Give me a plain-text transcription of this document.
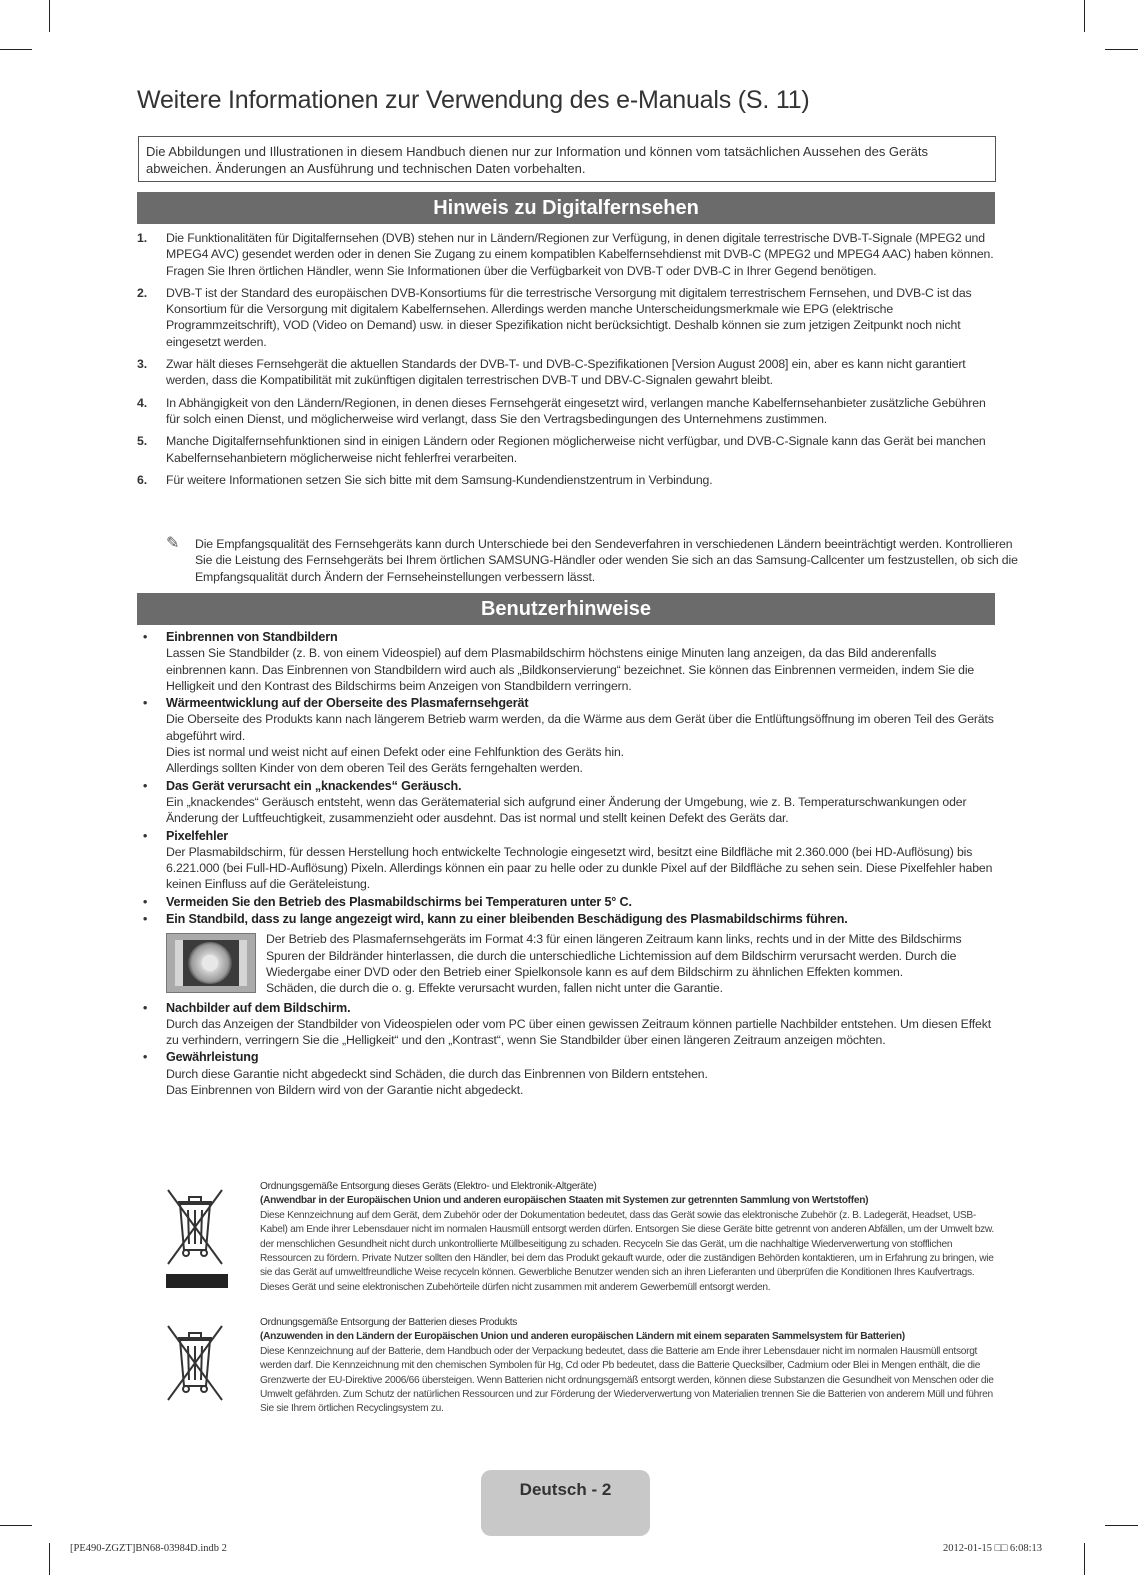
Weitere Informationen zur Verwendung des e-Manuals (S. 11)
Die Abbildungen und Illustrationen in diesem Handbuch dienen nur zur Information und können vom tatsächlichen Aussehen des Geräts abweichen. Änderungen an Ausführung und technischen Daten vorbehalten.
Hinweis zu Digitalfernsehen
1. Die Funktionalitäten für Digitalfernsehen (DVB) stehen nur in Ländern/Regionen zur Verfügung, in denen digitale terrestrische DVB-T-Signale (MPEG2 und MPEG4 AVC) gesendet werden oder in denen Sie Zugang zu einem kompatiblen Kabelfernsehdienst mit DVB-C (MPEG2 und MPEG4 AAC) haben können. Fragen Sie Ihren örtlichen Händler, wenn Sie Informationen über die Verfügbarkeit von DVB-T oder DVB-C in Ihrer Gegend benötigen.
2. DVB-T ist der Standard des europäischen DVB-Konsortiums für die terrestrische Versorgung mit digitalem terrestrischem Fernsehen, und DVB-C ist das Konsortium für die Versorgung mit digitalem Kabelfernsehen. Allerdings werden manche Unterscheidungsmerkmale wie EPG (elektrische Programmzeitschrift), VOD (Video on Demand) usw. in dieser Spezifikation nicht berücksichtigt. Deshalb können sie zum jetzigen Zeitpunkt noch nicht eingesetzt werden.
3. Zwar hält dieses Fernsehgerät die aktuellen Standards der DVB-T- und DVB-C-Spezifikationen [Version August 2008] ein, aber es kann nicht garantiert werden, dass die Kompatibilität mit zukünftigen digitalen terrestrischen DVB-T und DBV-C-Signalen gewahrt bleibt.
4. In Abhängigkeit von den Ländern/Regionen, in denen dieses Fernsehgerät eingesetzt wird, verlangen manche Kabelfernsehanbieter zusätzliche Gebühren für solch einen Dienst, und möglicherweise wird verlangt, dass Sie den Vertragsbedingungen des Unternehmens zustimmen.
5. Manche Digitalfernsehfunktionen sind in einigen Ländern oder Regionen möglicherweise nicht verfügbar, und DVB-C-Signale kann das Gerät bei manchen Kabelfernsehanbietern möglicherweise nicht fehlerfrei verarbeiten.
6. Für weitere Informationen setzen Sie sich bitte mit dem Samsung-Kundendienstzentrum in Verbindung.
✎ Die Empfangsqualität des Fernsehgeräts kann durch Unterschiede bei den Sendeverfahren in verschiedenen Ländern beeinträchtigt werden. Kontrollieren Sie die Leistung des Fernsehgeräts bei Ihrem örtlichen SAMSUNG-Händler oder wenden Sie sich an das Samsung-Callcenter um festzustellen, ob sich die Empfangsqualität durch Ändern der Fernseheinstellungen verbessern lässt.
Benutzerhinweise
• Einbrennen von Standbildern
Lassen Sie Standbilder (z. B. von einem Videospiel) auf dem Plasmabildschirm höchstens einige Minuten lang anzeigen, da das Bild anderenfalls einbrennen kann. Das Einbrennen von Standbildern wird auch als „Bildkonservierung“ bezeichnet. Sie können das Einbrennen vermeiden, indem Sie die Helligkeit und den Kontrast des Bildschirms beim Anzeigen von Standbildern verringern.
• Wärmeentwicklung auf der Oberseite des Plasmafernsehgerät
Die Oberseite des Produkts kann nach längerem Betrieb warm werden, da die Wärme aus dem Gerät über die Entlüftungsöffnung im oberen Teil des Geräts abgeführt wird.
Dies ist normal und weist nicht auf einen Defekt oder eine Fehlfunktion des Geräts hin.
Allerdings sollten Kinder von dem oberen Teil des Geräts ferngehalten werden.
• Das Gerät verursacht ein „knackendes“ Geräusch.
Ein „knackendes“ Geräusch entsteht, wenn das Gerätematerial sich aufgrund einer Änderung der Umgebung, wie z. B. Temperaturschwankungen oder Änderung der Luftfeuchtigkeit, zusammenzieht oder ausdehnt. Das ist normal und stellt keinen Defekt des Geräts dar.
• Pixelfehler
Der Plasmabildschirm, für dessen Herstellung hoch entwickelte Technologie eingesetzt wird, besitzt eine Bildfläche mit 2.360.000 (bei HD-Auflösung) bis 6.221.000 (bei Full-HD-Auflösung) Pixeln. Allerdings können ein paar zu helle oder zu dunkle Pixel auf der Bildfläche zu sehen sein. Diese Pixelfehler haben keinen Einfluss auf die Geräteleistung.
• Vermeiden Sie den Betrieb des Plasmabildschirms bei Temperaturen unter 5° C.
• Ein Standbild, dass zu lange angezeigt wird, kann zu einer bleibenden Beschädigung des Plasmabildschirms führen.
Der Betrieb des Plasmafernsehgeräts im Format 4:3 für einen längeren Zeitraum kann links, rechts und in der Mitte des Bildschirms Spuren der Bildränder hinterlassen, die durch die unterschiedliche Lichtemission auf dem Bildschirm verursacht werden. Durch die Wiedergabe einer DVD oder den Betrieb einer Spielkonsole kann es auf dem Bildschirm zu ähnlichen Effekten kommen.
Schäden, die durch die o. g. Effekte verursacht wurden, fallen nicht unter die Garantie.
• Nachbilder auf dem Bildschirm.
Durch das Anzeigen der Standbilder von Videospielen oder vom PC über einen gewissen Zeitraum können partielle Nachbilder entstehen. Um diesen Effekt zu verhindern, verringern Sie die „Helligkeit“ und den „Kontrast“, wenn Sie Standbilder über einen längeren Zeitraum anzeigen möchten.
• Gewährleistung
Durch diese Garantie nicht abgedeckt sind Schäden, die durch das Einbrennen von Bildern entstehen.
Das Einbrennen von Bildern wird von der Garantie nicht abgedeckt.
Ordnungsgemäße Entsorgung dieses Geräts (Elektro- und Elektronik-Altgeräte)
(Anwendbar in der Europäischen Union und anderen europäischen Staaten mit Systemen zur getrennten Sammlung von Wertstoffen)
Diese Kennzeichnung auf dem Gerät, dem Zubehör oder der Dokumentation bedeutet, dass das Gerät sowie das elektronische Zubehör (z. B. Ladegerät, Headset, USB-Kabel) am Ende ihrer Lebensdauer nicht im normalen Hausmüll entsorgt werden dürfen. Entsorgen Sie diese Geräte bitte getrennt von anderen Abfällen, um der Umwelt bzw. der menschlichen Gesundheit nicht durch unkontrollierte Müllbeseitigung zu schaden. Recyceln Sie das Gerät, um die nachhaltige Wiederverwertung von stofflichen Ressourcen zu fördern. Private Nutzer sollten den Händler, bei dem das Produkt gekauft wurde, oder die zuständigen Behörden kontaktieren, um in Erfahrung zu bringen, wie sie das Gerät auf umweltfreundliche Weise recyceln können. Gewerbliche Benutzer wenden sich an ihren Lieferanten und überprüfen die Konditionen Ihres Kaufvertrags. Dieses Gerät und seine elektronischen Zubehörteile dürfen nicht zusammen mit anderem Gewerbemüll entsorgt werden.
Ordnungsgemäße Entsorgung der Batterien dieses Produkts
(Anzuwenden in den Ländern der Europäischen Union und anderen europäischen Ländern mit einem separaten Sammelsystem für Batterien)
Diese Kennzeichnung auf der Batterie, dem Handbuch oder der Verpackung bedeutet, dass die Batterie am Ende ihrer Lebensdauer nicht im normalen Hausmüll entsorgt werden darf. Die Kennzeichnung mit den chemischen Symbolen für Hg, Cd oder Pb bedeutet, dass die Batterie Quecksilber, Cadmium oder Blei in Mengen enthält, die die Grenzwerte der EU-Direktive 2006/66 übersteigen. Wenn Batterien nicht ordnungsgemäß entsorgt werden, können diese Substanzen die Gesundheit von Menschen oder die Umwelt gefährden. Zum Schutz der natürlichen Ressourcen und zur Förderung der Wiederverwertung von Materialien trennen Sie die Batterien von anderem Müll und führen Sie sie Ihrem örtlichen Recyclingsystem zu.
Deutsch - 2
[PE490-ZGZT]BN68-03984D.indb 2	2012-01-15 □□ 6:08:13
